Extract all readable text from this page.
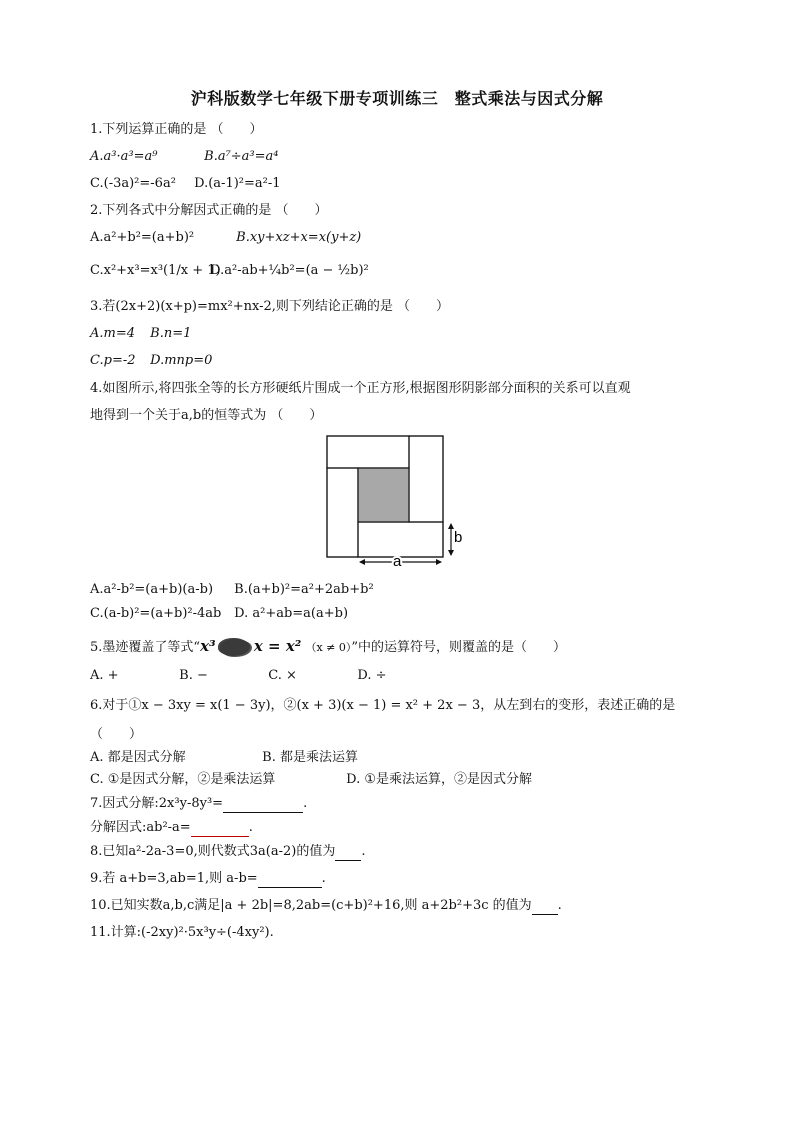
沪科版数学七年级下册专项训练三　整式乘法与因式分解
1.下列运算正确的是 （　　）
A.a³·a³=a⁹	B.a⁷÷a³=a⁴
C.(-3a)²=-6a² D.(a-1)²=a²-1
2.下列各式中分解因式正确的是 （　　）
A.a²+b²=(a+b)²	B.xy+xz+x=x(y+z)
C.x²+x³=x³(1/x + 1) D.a²-ab+¼b²=(a − ½b)²
3.若(2x+2)(x+p)=mx²+nx-2,则下列结论正确的是 （　　）
A.m=4 B.n=1
C.p=-2 D.mnp=0
4.如图所示,将四张全等的长方形硬纸片围成一个正方形,根据图形阴影部分面积的关系可以直观
地得到一个关于a,b的恒等式为 （　　）
b
a
A.a²-b²=(a+b)(a-b) B.(a+b)²=a²+2ab+b²
C.(a-b)²=(a+b)²-4ab D. a²+ab=a(a+b)
5.墨迹覆盖了等式“x³	x = x² （x ≠ 0）”中的运算符号，则覆盖的是（　　）
A. +	B. −	C. ×	D. ÷
6.对于①x − 3xy = x(1 − 3y)，②(x + 3)(x − 1) = x² + 2x − 3，从左到右的变形，表述正确的是
（　　）
A. 都是因式分解	B. 都是乘法运算
C. ①是因式分解，②是乘法运算	D. ①是乘法运算，②是因式分解
7.因式分解:2x³y-8y³=	.
分解因式:ab²-a=	.
8.已知a²-2a-3=0,则代数式3a(a-2)的值为 .
9.若 a+b=3,ab=1,则 a-b=	.
10.已知实数a,b,c满足|a + 2b|=8,2ab=(c+b)²+16,则 a+2b²+3c 的值为 .
11.计算:(-2xy)²·5x³y÷(-4xy²).
